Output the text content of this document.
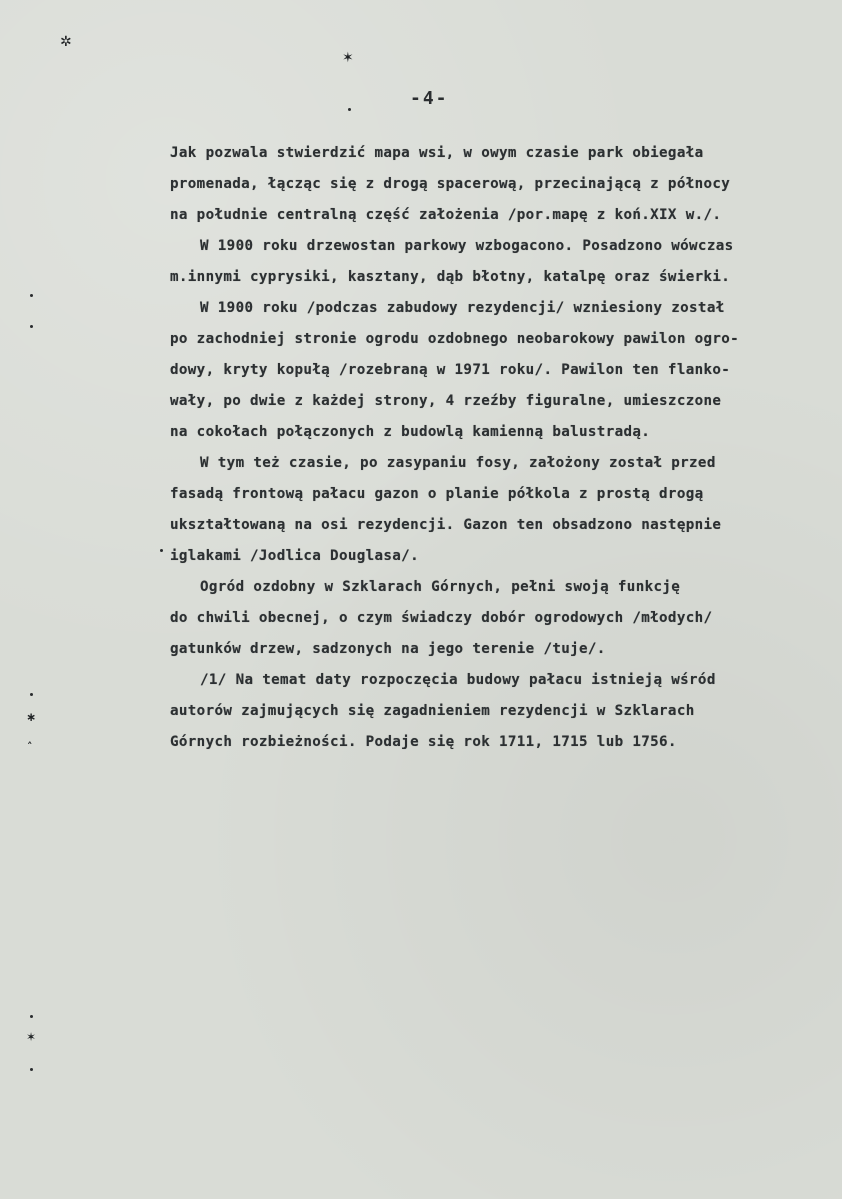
-4-
Jak pozwala stwierdzić mapa wsi, w owym czasie park obiegała
promenada, łącząc się z drogą spacerową, przecinającą z północy
na południe centralną część założenia /por.mapę z koń.XIX w./.
W 1900 roku drzewostan parkowy wzbogacono. Posadzono wówczas
m.innymi cyprysiki, kasztany, dąb błotny, katalpę oraz świerki.
W 1900 roku /podczas zabudowy rezydencji/ wzniesiony został
po zachodniej stronie ogrodu ozdobnego neobarokowy pawilon ogro-
dowy, kryty kopułą /rozebraną w 1971 roku/. Pawilon ten flanko-
wały, po dwie z każdej strony, 4 rzeźby figuralne, umieszczone
na cokołach połączonych z budowlą kamienną balustradą.
W tym też czasie, po zasypaniu fosy, założony został przed
fasadą frontową pałacu gazon o planie półkola z prostą drogą
ukształtowaną na osi rezydencji. Gazon ten obsadzono następnie
iglakami /Jodlica Douglasa/.
Ogród ozdobny w Szklarach Górnych, pełni swoją funkcję
do chwili obecnej, o czym świadczy dobór ogrodowych /młodych/
gatunków drzew, sadzonych na jego terenie /tuje/.
/1/ Na temat daty rozpoczęcia budowy pałacu istnieją wśród
autorów zajmujących się zagadnieniem rezydencji w Szklarach
Górnych rozbieżności. Podaje się rok 1711, 1715 lub 1756.
✲
✶
∗
˄
✶
